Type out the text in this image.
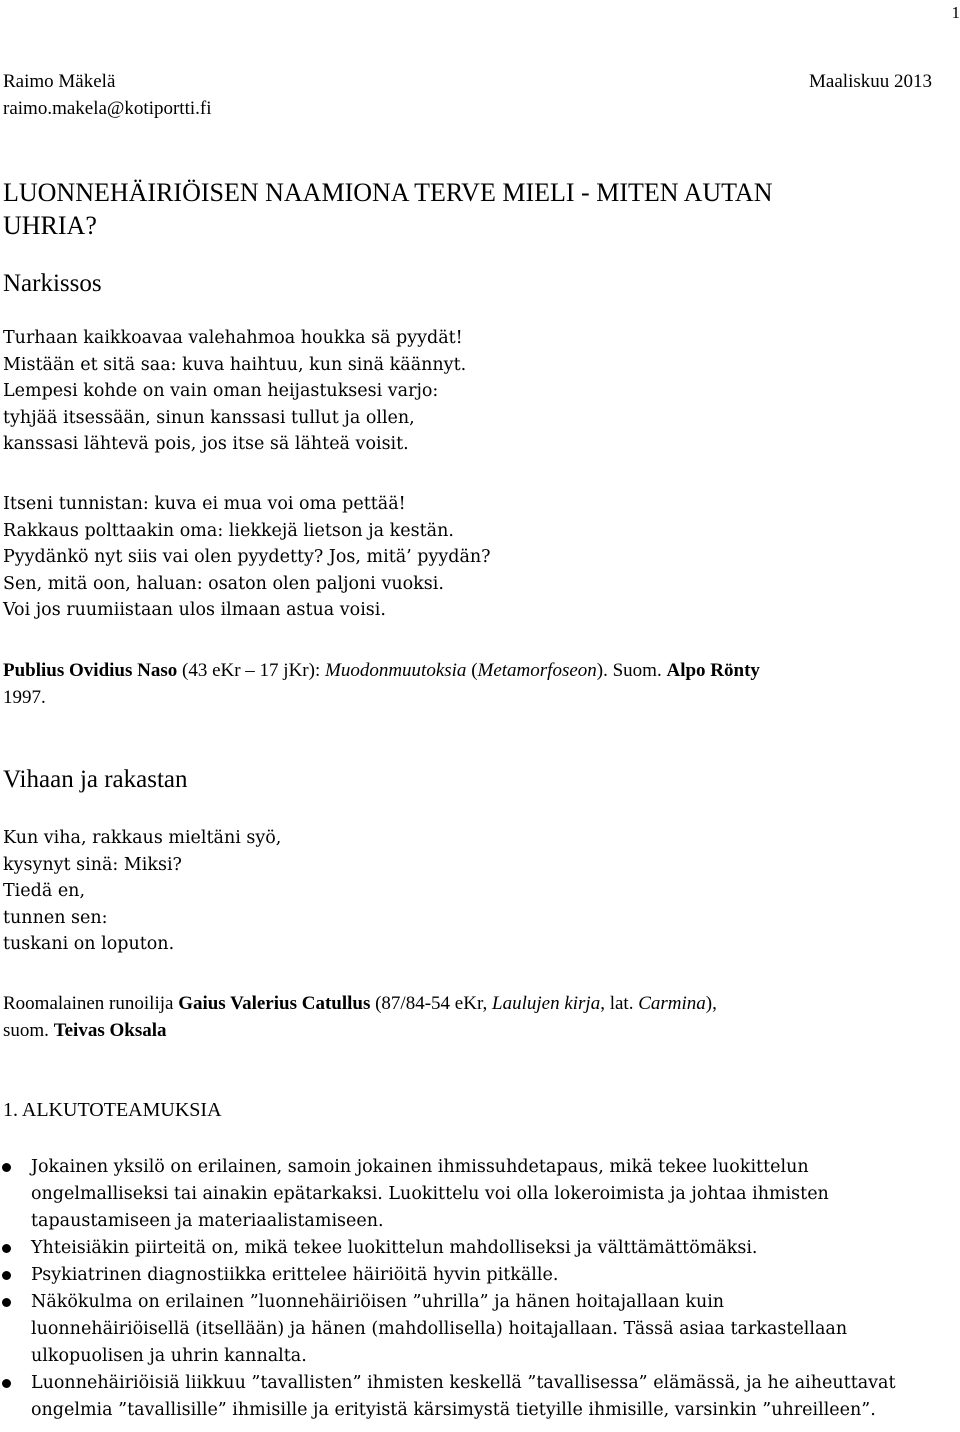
1
Raimo Mäkelä	Maaliskuu 2013
raimo.makela@kotiportti.fi

LUONNEHÄIRIÖISEN NAAMIONA TERVE MIELI - MITEN AUTAN

UHRIA?

Narkissos

Turhaan kaikkoavaa valehahmoa houkka sä pyydät!

Mistään et sitä saa: kuva haihtuu, kun sinä käännyt.

Lempesi kohde on vain oman heijastuksesi varjo:

tyhjää itsessään, sinun kanssasi tullut ja ollen,

kanssasi lähtevä pois, jos itse sä lähteä voisit.

Itseni tunnistan: kuva ei mua voi oma pettää!

Rakkaus polttaakin oma: liekkejä lietson ja kestän.

Pyydänkö nyt siis vai olen pyydetty? Jos, mitä’ pyydän?

Sen, mitä oon, haluan: osaton olen paljoni vuoksi.

Voi jos ruumiistaan ulos ilmaan astua voisi.

Publius Ovidius Naso (43 eKr – 17 jKr): Muodonmuutoksia (Metamorfoseon). Suom. Alpo Rönty
1997.
Vihaan ja rakastan

Kun viha, rakkaus mieltäni syö,

kysynyt sinä: Miksi?

Tiedä en,

tunnen sen:

tuskani on loputon.

Roomalainen runoilija Gaius Valerius Catullus (87/84-54 eKr, Laulujen kirja, lat. Carmina),
suom. Teivas Oksala
1. ALKUTOTEAMUKSIA

Jokainen yksilö on erilainen, samoin jokainen ihmissuhdetapaus, mikä tekee luokittelun

ongelmalliseksi tai ainakin epätarkaksi. Luokittelu voi olla lokeroimista ja johtaa ihmisten

tapaustamiseen ja materiaalistamiseen.

Yhteisiäkin piirteitä on, mikä tekee luokittelun mahdolliseksi ja välttämättömäksi.

Psykiatrinen diagnostiikka erittelee häiriöitä hyvin pitkälle.

Näkökulma on erilainen ”luonnehäiriöisen ”uhrilla” ja hänen hoitajallaan kuin

luonnehäiriöisellä (itsellään) ja hänen (mahdollisella) hoitajallaan. Tässä asiaa tarkastellaan

ulkopuolisen ja uhrin kannalta.

Luonnehäiriöisiä liikkuu ”tavallisten” ihmisten keskellä ”tavallisessa” elämässä, ja he aiheuttavat

ongelmia ”tavallisille” ihmisille ja erityistä kärsimystä tietyille ihmisille, varsinkin ”uhreilleen”.
